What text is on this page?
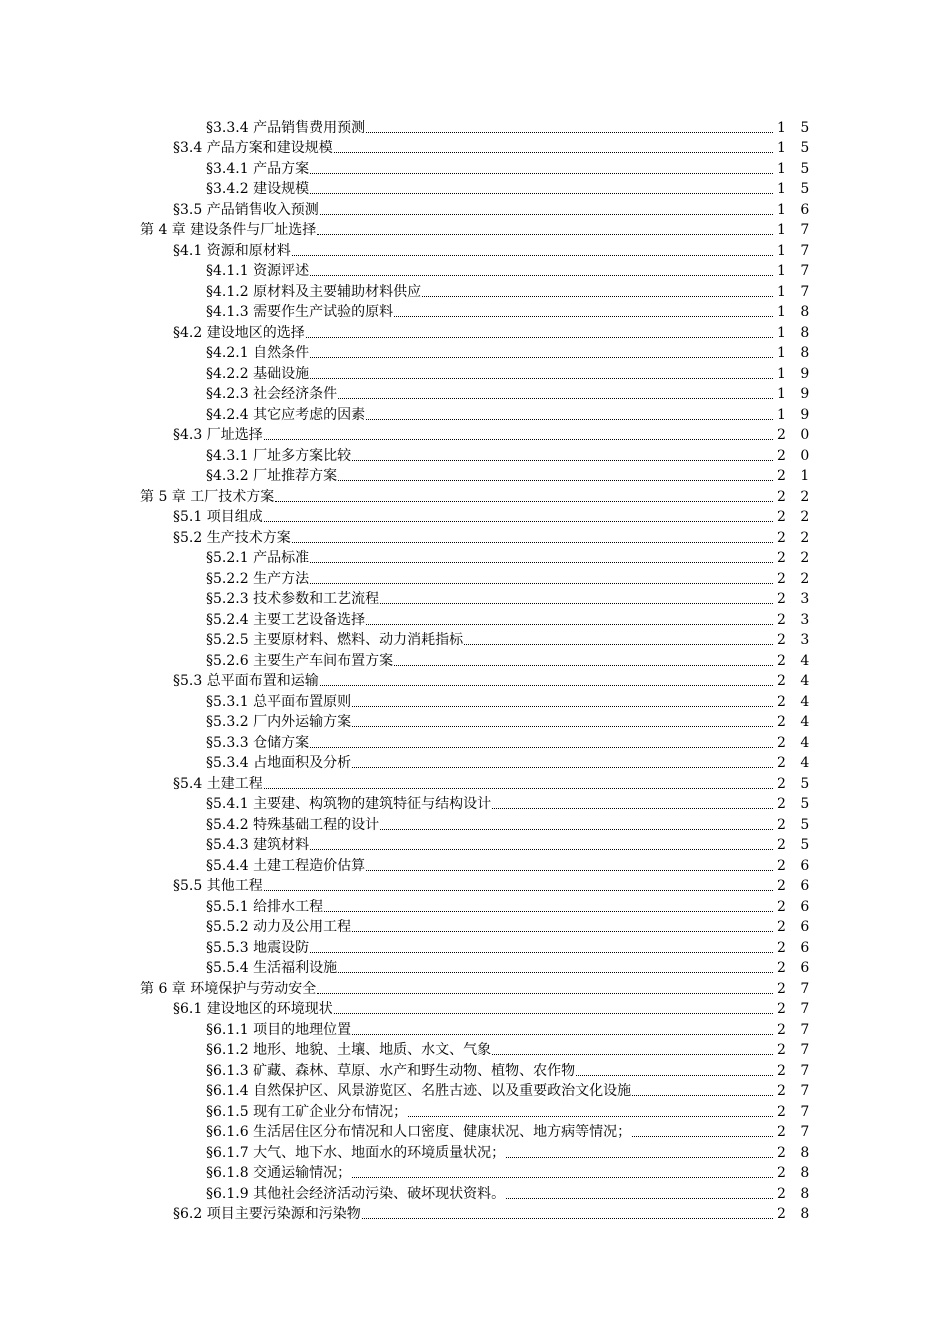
§3.3.4 产品销售费用预测	1 5
§3.4 产品方案和建设规模	1 5
§3.4.1 产品方案	1 5
§3.4.2 建设规模	1 5
§3.5 产品销售收入预测	1 6
第 4 章 建设条件与厂址选择	1 7
§4.1 资源和原材料	1 7
§4.1.1 资源评述	1 7
§4.1.2 原材料及主要辅助材料供应	1 7
§4.1.3 需要作生产试验的原料	1 8
§4.2 建设地区的选择	1 8
§4.2.1 自然条件	1 8
§4.2.2 基础设施	1 9
§4.2.3 社会经济条件	1 9
§4.2.4 其它应考虑的因素	1 9
§4.3 厂址选择	2 0
§4.3.1 厂址多方案比较	2 0
§4.3.2 厂址推荐方案	2 1
第 5 章 工厂技术方案	2 2
§5.1 项目组成	2 2
§5.2 生产技术方案	2 2
§5.2.1 产品标准	2 2
§5.2.2 生产方法	2 2
§5.2.3 技术参数和工艺流程	2 3
§5.2.4 主要工艺设备选择	2 3
§5.2.5 主要原材料、燃料、动力消耗指标	2 3
§5.2.6 主要生产车间布置方案	2 4
§5.3 总平面布置和运输	2 4
§5.3.1 总平面布置原则	2 4
§5.3.2 厂内外运输方案	2 4
§5.3.3 仓储方案	2 4
§5.3.4 占地面积及分析	2 4
§5.4 土建工程	2 5
§5.4.1 主要建、构筑物的建筑特征与结构设计	2 5
§5.4.2 特殊基础工程的设计	2 5
§5.4.3 建筑材料	2 5
§5.4.4 土建工程造价估算	2 6
§5.5 其他工程	2 6
§5.5.1 给排水工程	2 6
§5.5.2 动力及公用工程	2 6
§5.5.3 地震设防	2 6
§5.5.4 生活福利设施	2 6
第 6 章 环境保护与劳动安全	2 7
§6.1 建设地区的环境现状	2 7
§6.1.1 项目的地理位置	2 7
§6.1.2 地形、地貌、土壤、地质、水文、气象	2 7
§6.1.3 矿藏、森林、草原、水产和野生动物、植物、农作物	2 7
§6.1.4 自然保护区、风景游览区、名胜古迹、以及重要政治文化设施	2 7
§6.1.5 现有工矿企业分布情况；	2 7
§6.1.6 生活居住区分布情况和人口密度、健康状况、地方病等情况；	2 7
§6.1.7 大气、地下水、地面水的环境质量状况；	2 8
§6.1.8 交通运输情况；	2 8
§6.1.9 其他社会经济活动污染、破坏现状资料。	2 8
§6.2 项目主要污染源和污染物	2 8
